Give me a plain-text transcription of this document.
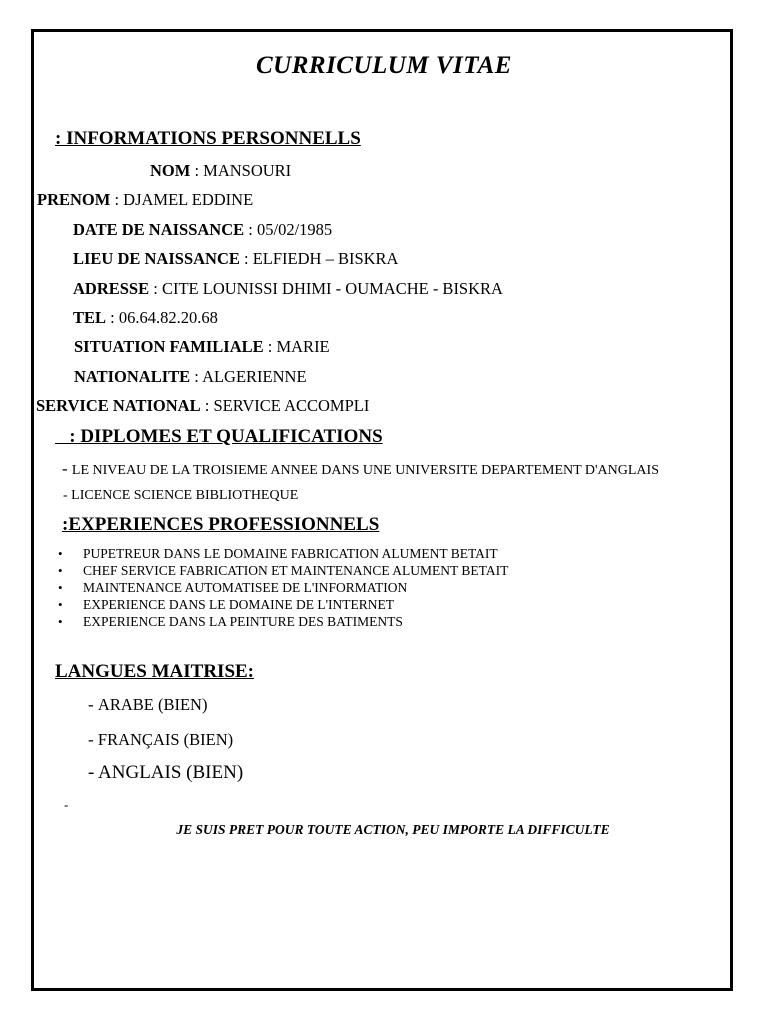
CURRICULUM VITAE
: INFORMATIONS PERSONNELLS
NOM : MANSOURI
PRENOM : DJAMEL EDDINE
DATE DE NAISSANCE : 05/02/1985
LIEU DE NAISSANCE : ELFIEDH – BISKRA
ADRESSE : CITE LOUNISSI DHIMI - OUMACHE - BISKRA
TEL : 06.64.82.20.68
SITUATION FAMILIALE : MARIE
NATIONALITE : ALGERIENNE
SERVICE NATIONAL : SERVICE ACCOMPLI
: DIPLOMES ET QUALIFICATIONS
- LE NIVEAU DE LA TROISIEME ANNEE DANS UNE UNIVERSITE DEPARTEMENT D'ANGLAIS
- LICENCE SCIENCE BIBLIOTHEQUE
:EXPERIENCES PROFESSIONNELS
• PUPETREUR DANS LE DOMAINE FABRICATION ALUMENT BETAIT
• CHEF SERVICE FABRICATION ET MAINTENANCE ALUMENT BETAIT
• MAINTENANCE AUTOMATISEE DE L'INFORMATION
• EXPERIENCE DANS LE DOMAINE DE L'INTERNET
• EXPERIENCE DANS LA PEINTURE DES BATIMENTS
LANGUES MAITRISE:
- ARABE (BIEN)
- FRANÇAIS (BIEN)
- ANGLAIS (BIEN)
-
JE SUIS PRET POUR TOUTE ACTION, PEU IMPORTE LA DIFFICULTE
